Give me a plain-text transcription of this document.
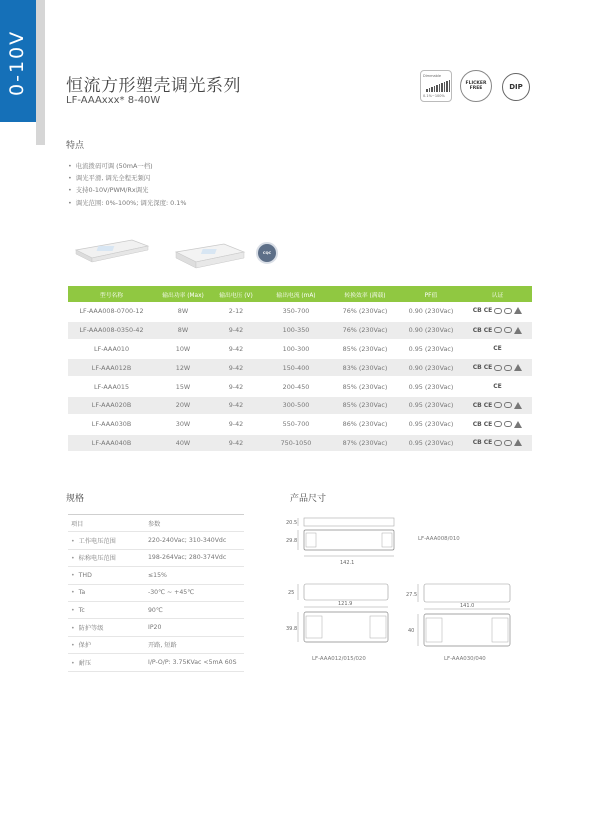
0-10V 恒流方形塑壳调光系列
LF-AAAxxx* 8-40W
Dimmable
0.1%~100%
FLICKER
FREE	DIP
特点
• 电流拨码可调 (50mA一档)
• 调光平滑, 调光全程无频闪
• 支持0-10V/PWM/Rx调光
• 调光范围: 0%-100%; 调光深度: 0.1%
CQC
型号名称	输出功率 (Max)	输出电压 (V)	输出电流 (mA)	转换效率 (满载)	PF值	认证
LF-AAA008-0700-12	8W	2-12	350-700	76% (230Vac)	0.90 (230Vac)	CB CE

LF-AAA008-0350-42	8W	9-42	100-350	76% (230Vac)	0.90 (230Vac)	CB CE

LF-AAA010	10W	9-42	100-300	85% (230Vac)	0.95 (230Vac)	CE

LF-AAA012B	12W	9-42	150-400	83% (230Vac)	0.90 (230Vac)	CB CE

LF-AAA015	15W	9-42	200-450	85% (230Vac)	0.95 (230Vac)	CE

LF-AAA020B	20W	9-42	300-500	85% (230Vac)	0.95 (230Vac)	CB CE

LF-AAA030B	30W	9-42	550-700	86% (230Vac)	0.95 (230Vac)	CB CE

LF-AAA040B	40W	9-42	750-1050	87% (230Vac)	0.95 (230Vac)	CB CE
规格
项目	参数
• 工作电压范围	220-240Vac; 310-340Vdc
• 标称电压范围	198-264Vac; 280-374Vdc
• THD	≤15%
• Ta	-30℃ ~ +45℃
• Tc	90℃
• 防护等级	IP20
• 保护	开路, 短路
• 耐压	I/P-O/P: 3.75KVac <5mA 60S
产品尺寸
142.1
20.5
29.8
121.9
25
39.8
141.0
27.5
40
LF-AAA008/010
LF-AAA012/015/020	LF-AAA030/040
